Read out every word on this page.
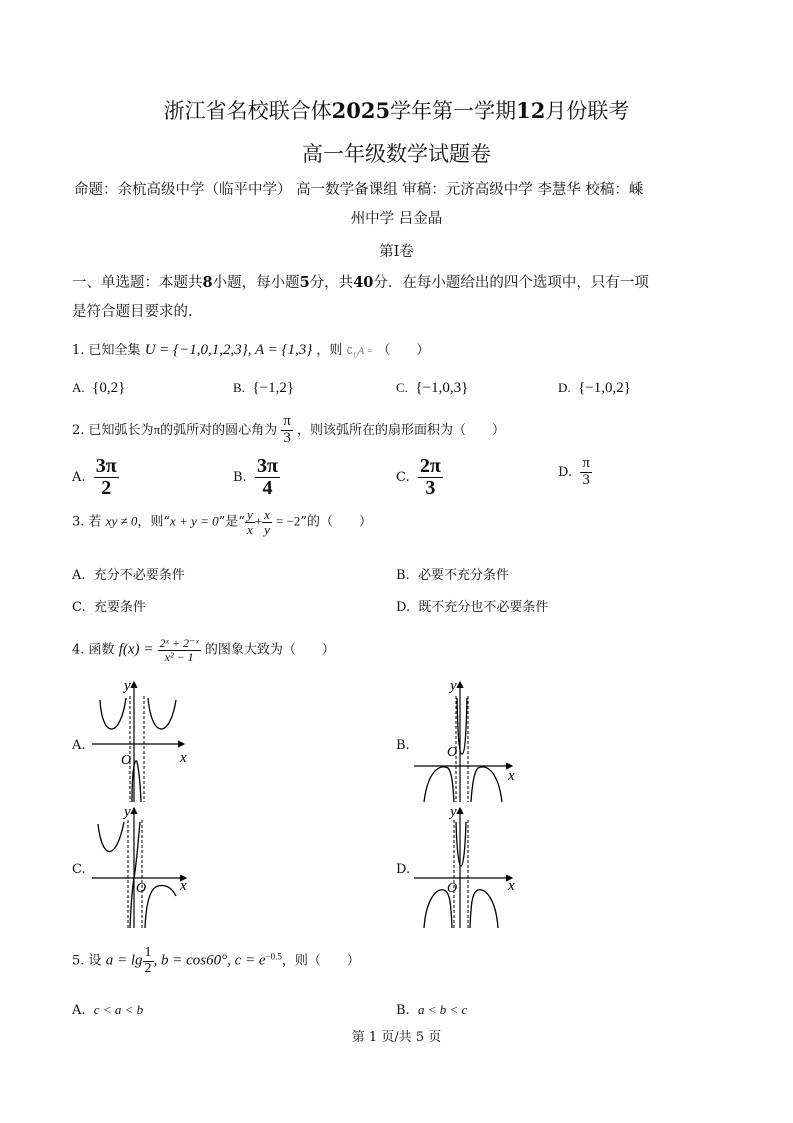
浙江省名校联合体2025学年第一学期12月份联考
高一年级数学试题卷
命题：余杭高级中学（临平中学） 高一数学备课组 审稿：元济高级中学 李慧华 校稿：嵊
州中学 吕金晶
第Ⅰ卷
一、单选题：本题共8小题，每小题5分，共40分．在每小题给出的四个选项中，只有一项
是符合题目要求的.
1. 已知全集 U = {−1,0,1,2,3}, A = {1,3} ，则 $∁_UA$ = （　　）
A. {0,2}	B. {−1,2}	C. {−1,0,3}	D. {−1,0,2}
2. 已知弧长为π的弧所对的圆心角为 $\frac{\pi}{3}$ ，则该弧所在的扇形面积为（　　）
A. $\frac{3\pi}{2}$	B. $\frac{3\pi}{4}$	C. $\frac{2\pi}{3}$	D. $\frac{\pi}{3}$
3. 若 xy ≠ 0，则“x + y = 0”是“ $\frac{y}{x} + \frac{x}{y} = -2$”的（　　）
A. 充分不必要条件	B. 必要不充分条件
C. 充要条件	D. 既不充分也不必要条件
4. 函数 $f(x) = \frac{\text{2ˣ + 2⁻ˣ}}{\text{x² − 1}}$ 的图象大致为（　　）
A.
O	x
y
B.	O
x
y
C.
O x
y
D.
O	x
y
5. 设 $a = \lg \frac{1}{2}$ , b = cos60°, $c = e^{-0.5}$，则（　　）
A. c < a < b	B. a < b < c
第 1 页/共 5 页
